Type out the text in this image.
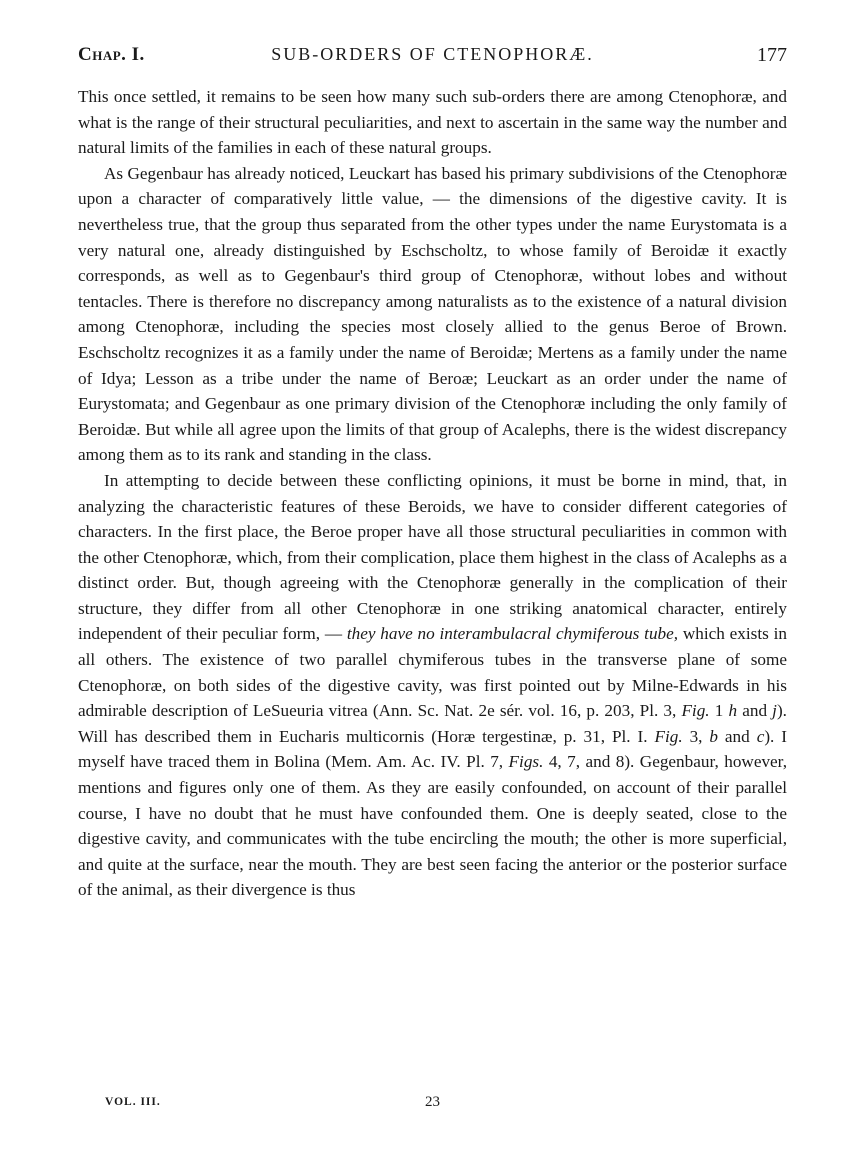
Chap. I.	SUB-ORDERS OF CTENOPHORÆ.	177

This once settled, it remains to be seen how many such sub-orders there are among Ctenophoræ, and what is the range of their structural peculiarities, and next to ascertain in the same way the number and natural limits of the families in each of these natural groups.

As Gegenbaur has already noticed, Leuckart has based his primary subdivisions of the Ctenophoræ upon a character of comparatively little value, — the dimensions of the digestive cavity. It is nevertheless true, that the group thus separated from the other types under the name Eurystomata is a very natural one, already distinguished by Eschscholtz, to whose family of Beroidæ it exactly corresponds, as well as to Gegenbaur's third group of Ctenophoræ, without lobes and without tentacles. There is therefore no discrepancy among naturalists as to the existence of a natural division among Ctenophoræ, including the species most closely allied to the genus Beroe of Brown. Eschscholtz recognizes it as a family under the name of Beroidæ; Mertens as a family under the name of Idya; Lesson as a tribe under the name of Beroæ; Leuckart as an order under the name of Eurystomata; and Gegenbaur as one primary division of the Ctenophoræ including the only family of Beroidæ. But while all agree upon the limits of that group of Acalephs, there is the widest discrepancy among them as to its rank and standing in the class.

In attempting to decide between these conflicting opinions, it must be borne in mind, that, in analyzing the characteristic features of these Beroids, we have to consider different categories of characters. In the first place, the Beroe proper have all those structural peculiarities in common with the other Ctenophoræ, which, from their complication, place them highest in the class of Acalephs as a distinct order. But, though agreeing with the Ctenophoræ generally in the complication of their structure, they differ from all other Ctenophoræ in one striking anatomical character, entirely independent of their peculiar form, — they have no interambulacral chymiferous tube, which exists in all others. The existence of two parallel chymiferous tubes in the transverse plane of some Ctenophoræ, on both sides of the digestive cavity, was first pointed out by Milne-Edwards in his admirable description of LeSueuria vitrea (Ann. Sc. Nat. 2e sér. vol. 16, p. 203, Pl. 3, Fig. 1 h and j). Will has described them in Eucharis multicornis (Horæ tergestinæ, p. 31, Pl. I. Fig. 3, b and c). I myself have traced them in Bolina (Mem. Am. Ac. IV. Pl. 7, Figs. 4, 7, and 8). Gegenbaur, however, mentions and figures only one of them. As they are easily confounded, on account of their parallel course, I have no doubt that he must have confounded them. One is deeply seated, close to the digestive cavity, and communicates with the tube encircling the mouth; the other is more superficial, and quite at the surface, near the mouth. They are best seen facing the anterior or the posterior surface of the animal, as their divergence is thus

VOL. III.	23
